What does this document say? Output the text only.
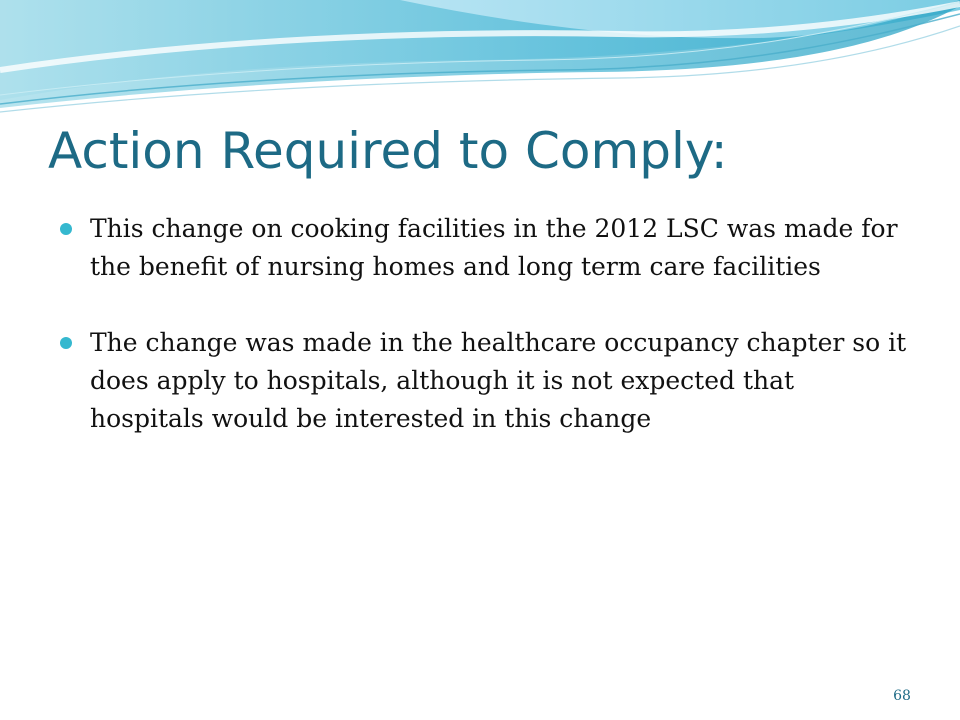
Action Required to Comply:
This change on cooking facilities in the 2012 LSC was made for the benefit of nursing homes and long term care facilities
The change was made in the healthcare occupancy chapter so it does apply to hospitals, although it is not expected that hospitals would be interested in this change
68
